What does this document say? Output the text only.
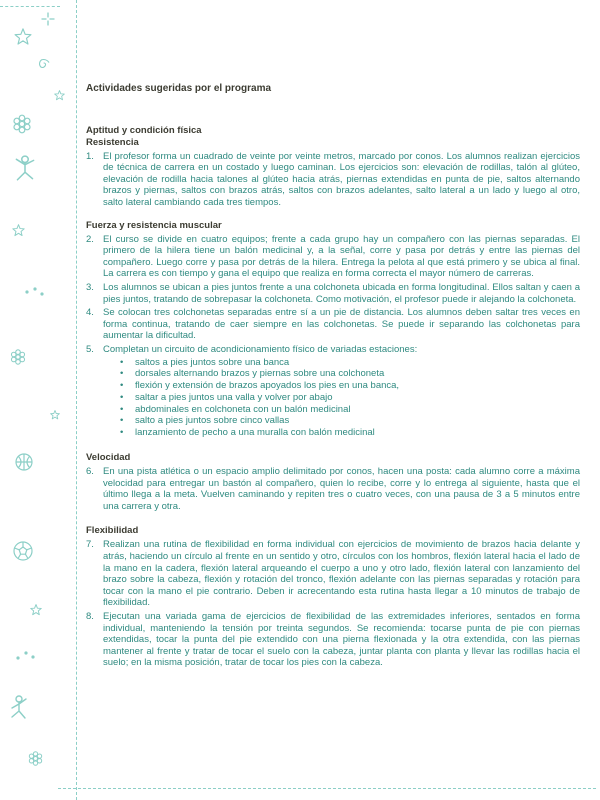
Actividades sugeridas por el programa
Aptitud y condición física
Resistencia
1. El profesor forma un cuadrado de veinte por veinte metros, marcado por conos. Los alumnos realizan ejercicios de técnica de carrera en un costado y luego caminan. Los ejercicios son: elevación de rodillas, talón al glúteo, elevación de rodilla hacia talones al glúteo hacia atrás, piernas extendidas en punta de pie, saltos alternando brazos y piernas, saltos con brazos atrás, saltos con brazos adelantes, salto lateral a un lado y luego al otro, salto lateral cambiando cada tres tiempos.
Fuerza y resistencia muscular
2. El curso se divide en cuatro equipos; frente a cada grupo hay un compañero con las piernas separadas. El primero de la hilera tiene un balón medicinal y, a la señal, corre y pasa por detrás y entre las piernas del compañero. Luego corre y pasa por detrás de la hilera. Entrega la pelota al que está primero y se ubica al final. La carrera es con tiempo y gana el equipo que realiza en forma correcta el mayor número de carreras.
3. Los alumnos se ubican a pies juntos frente a una colchoneta ubicada en forma longitudinal. Ellos saltan y caen a pies juntos, tratando de sobrepasar la colchoneta. Como motivación, el profesor puede ir alejando la colchoneta.
4. Se colocan tres colchonetas separadas entre sí a un pie de distancia. Los alumnos deben saltar tres veces en forma continua, tratando de caer siempre en las colchonetas. Se puede ir separando las colchonetas para aumentar la dificultad.
5. Completan un circuito de acondicionamiento físico de variadas estaciones:
• saltos a pies juntos sobre una banca
• dorsales alternando brazos y piernas sobre una colchoneta
• flexión y extensión de brazos apoyados los pies en una banca,
• saltar a pies juntos una valla y volver por abajo
• abdominales en colchoneta con un balón medicinal
• salto a pies juntos sobre cinco vallas
• lanzamiento de pecho a una muralla con balón medicinal
Velocidad
6. En una pista atlética o un espacio amplio delimitado por conos, hacen una posta: cada alumno corre a máxima velocidad para entregar un bastón al compañero, quien lo recibe, corre y lo entrega al siguiente, hasta que el último llega a la meta. Vuelven caminando y repiten tres o cuatro veces, con una pausa de 3 a 5 minutos entre una carrera y otra.
Flexibilidad
7. Realizan una rutina de flexibilidad en forma individual con ejercicios de movimiento de brazos hacia delante y atrás, haciendo un círculo al frente en un sentido y otro, círculos con los hombros, flexión lateral hacia el lado de la mano en la cadera, flexión lateral arqueando el cuerpo a uno y otro lado, flexión lateral con lanzamiento del brazo sobre la cabeza, flexión y rotación del tronco, flexión adelante con las piernas separadas y rotación para tocar con la mano el pie contrario. Deben ir acrecentando esta rutina hasta llegar a 10 minutos de trabajo de flexibilidad.
8. Ejecutan una variada gama de ejercicios de flexibilidad de las extremidades inferiores, sentados en forma individual, manteniendo la tensión por treinta segundos. Se recomienda: tocarse punta de pie con piernas extendidas, tocar la punta del pie extendido con una pierna flexionada y la otra extendida, con las piernas mantener al frente y tratar de tocar el suelo con la cabeza, juntar planta con planta y llevar las rodillas hacia el suelo; en la misma posición, tratar de tocar los pies con la cabeza.
